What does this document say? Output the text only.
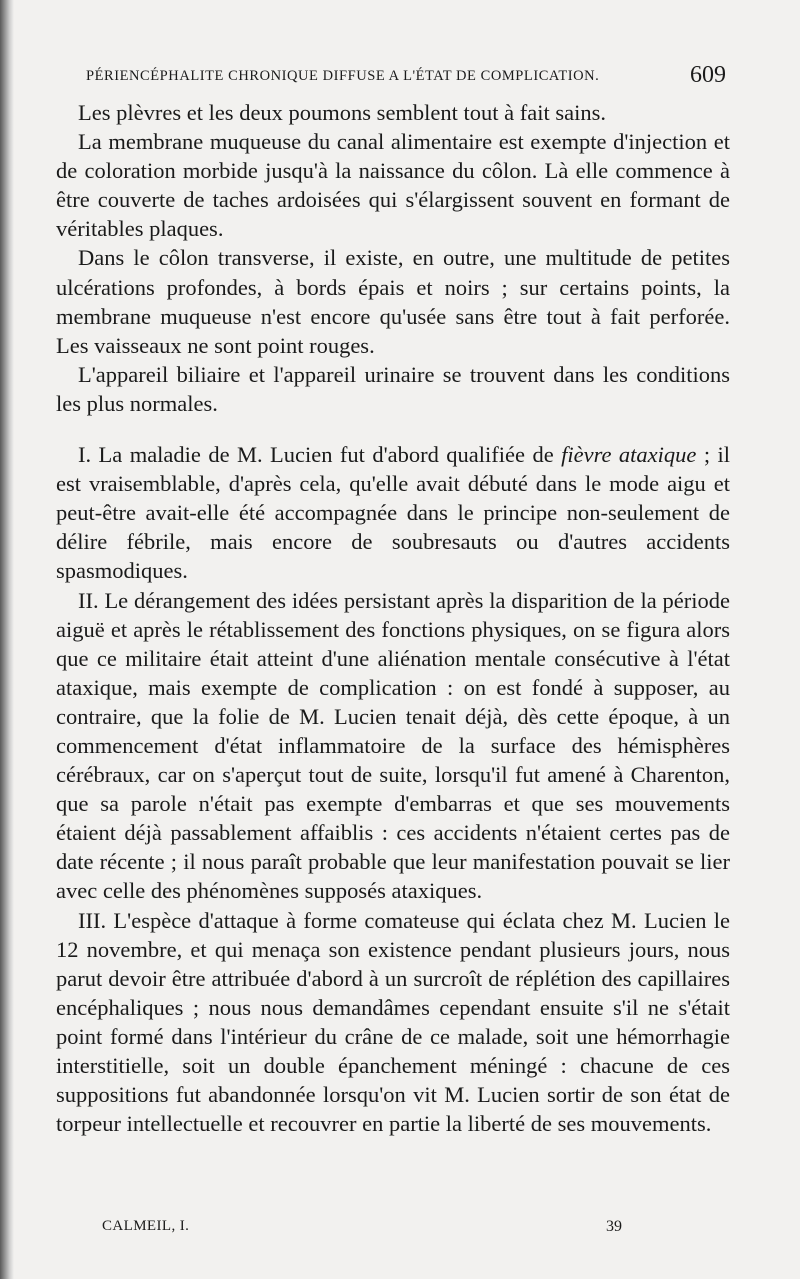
PÉRIENCÉPHALITE CHRONIQUE DIFFUSE A L'ÉTAT DE COMPLICATION.	609

Les plèvres et les deux poumons semblent tout à fait sains.

La membrane muqueuse du canal alimentaire est exempte d'injection et de coloration morbide jusqu'à la naissance du côlon. Là elle commence à être couverte de taches ardoisées qui s'élargissent souvent en formant de véritables plaques.

Dans le côlon transverse, il existe, en outre, une multitude de petites ulcérations profondes, à bords épais et noirs ; sur certains points, la membrane muqueuse n'est encore qu'usée sans être tout à fait perforée. Les vaisseaux ne sont point rouges.

L'appareil biliaire et l'appareil urinaire se trouvent dans les conditions les plus normales.

I. La maladie de M. Lucien fut d'abord qualifiée de fièvre ataxique ; il est vraisemblable, d'après cela, qu'elle avait débuté dans le mode aigu et peut-être avait-elle été accompagnée dans le principe non-seulement de délire fébrile, mais encore de soubresauts ou d'autres accidents spasmodiques.

II. Le dérangement des idées persistant après la disparition de la période aiguë et après le rétablissement des fonctions physiques, on se figura alors que ce militaire était atteint d'une aliénation mentale consécutive à l'état ataxique, mais exempte de complication : on est fondé à supposer, au contraire, que la folie de M. Lucien tenait déjà, dès cette époque, à un commencement d'état inflammatoire de la surface des hémisphères cérébraux, car on s'aperçut tout de suite, lorsqu'il fut amené à Charenton, que sa parole n'était pas exempte d'embarras et que ses mouvements étaient déjà passablement affaiblis : ces accidents n'étaient certes pas de date récente ; il nous paraît probable que leur manifestation pouvait se lier avec celle des phénomènes supposés ataxiques.

III. L'espèce d'attaque à forme comateuse qui éclata chez M. Lucien le 12 novembre, et qui menaça son existence pendant plusieurs jours, nous parut devoir être attribuée d'abord à un surcroît de réplétion des capillaires encéphaliques ; nous nous demandâmes cependant ensuite s'il ne s'était point formé dans l'intérieur du crâne de ce malade, soit une hémorrhagie interstitielle, soit un double épanchement méningé : chacune de ces suppositions fut abandonnée lorsqu'on vit M. Lucien sortir de son état de torpeur intellectuelle et recouvrer en partie la liberté de ses mouvements.

CALMEIL, I.	39
